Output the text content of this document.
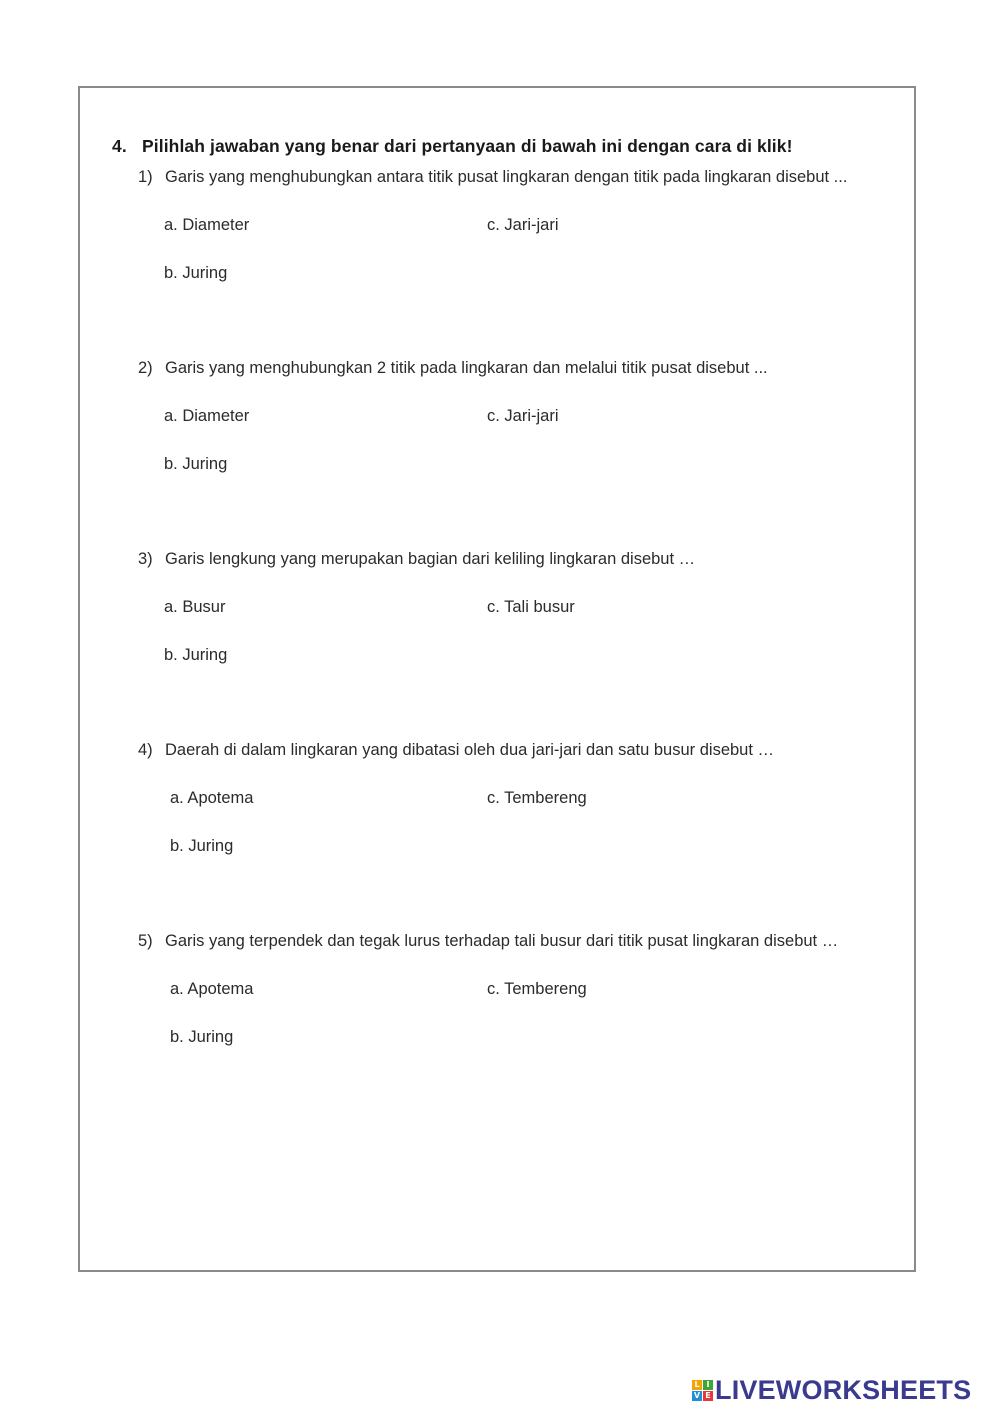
4. Pilihlah jawaban yang benar dari pertanyaan di bawah ini dengan cara di klik!
1) Garis yang menghubungkan antara titik pusat lingkaran dengan titik pada lingkaran disebut ...
a. Diameter
b. Juring
c. Jari-jari
2) Garis yang menghubungkan 2 titik pada lingkaran dan melalui titik pusat disebut ...
a. Diameter
b. Juring
c. Jari-jari
3) Garis lengkung yang merupakan bagian dari keliling lingkaran disebut …
a. Busur
b. Juring
c. Tali busur
4) Daerah di dalam lingkaran yang dibatasi oleh dua jari-jari dan satu busur disebut …
a. Apotema
b. Juring
c. Tembereng
5) Garis yang terpendek dan tegak lurus terhadap tali busur dari titik pusat lingkaran disebut …
a. Apotema
b. Juring
c. Tembereng
L I
V E LIVEWORKSHEETS
